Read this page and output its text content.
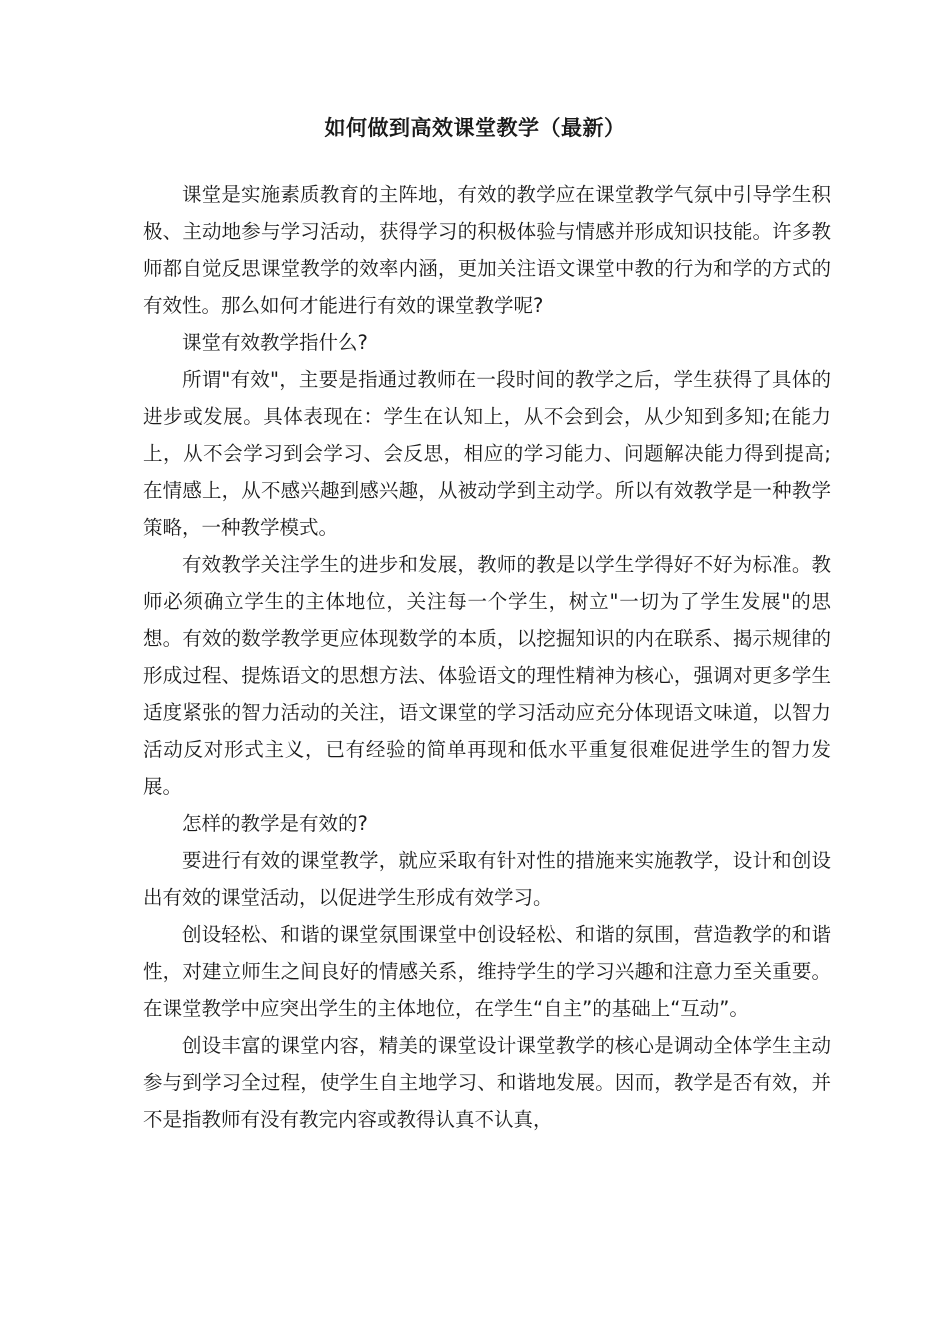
如何做到高效课堂教学（最新）

课堂是实施素质教育的主阵地，有效的教学应在课堂教学气氛中引导学生积极、主动地参与学习活动，获得学习的积极体验与情感并形成知识技能。许多教师都自觉反思课堂教学的效率内涵，更加关注语文课堂中教的行为和学的方式的有效性。那么如何才能进行有效的课堂教学呢?

课堂有效教学指什么?

所谓"有效"，主要是指通过教师在一段时间的教学之后，学生获得了具体的进步或发展。具体表现在：学生在认知上，从不会到会，从少知到多知;在能力上，从不会学习到会学习、会反思，相应的学习能力、问题解决能力得到提高;在情感上，从不感兴趣到感兴趣，从被动学到主动学。所以有效教学是一种教学策略，一种教学模式。

有效教学关注学生的进步和发展，教师的教是以学生学得好不好为标准。教师必须确立学生的主体地位，关注每一个学生，树立"一切为了学生发展"的思想。有效的数学教学更应体现数学的本质，以挖掘知识的内在联系、揭示规律的形成过程、提炼语文的思想方法、体验语文的理性精神为核心，强调对更多学生适度紧张的智力活动的关注，语文课堂的学习活动应充分体现语文味道，以智力活动反对形式主义，已有经验的简单再现和低水平重复很难促进学生的智力发展。

怎样的教学是有效的?

要进行有效的课堂教学，就应采取有针对性的措施来实施教学，设计和创设出有效的课堂活动，以促进学生形成有效学习。

创设轻松、和谐的课堂氛围课堂中创设轻松、和谐的氛围，营造教学的和谐性，对建立师生之间良好的情感关系，维持学生的学习兴趣和注意力至关重要。在课堂教学中应突出学生的主体地位，在学生“自主”的基础上“互动”。

创设丰富的课堂内容，精美的课堂设计课堂教学的核心是调动全体学生主动参与到学习全过程，使学生自主地学习、和谐地发展。因而，教学是否有效，并不是指教师有没有教完内容或教得认真不认真，
